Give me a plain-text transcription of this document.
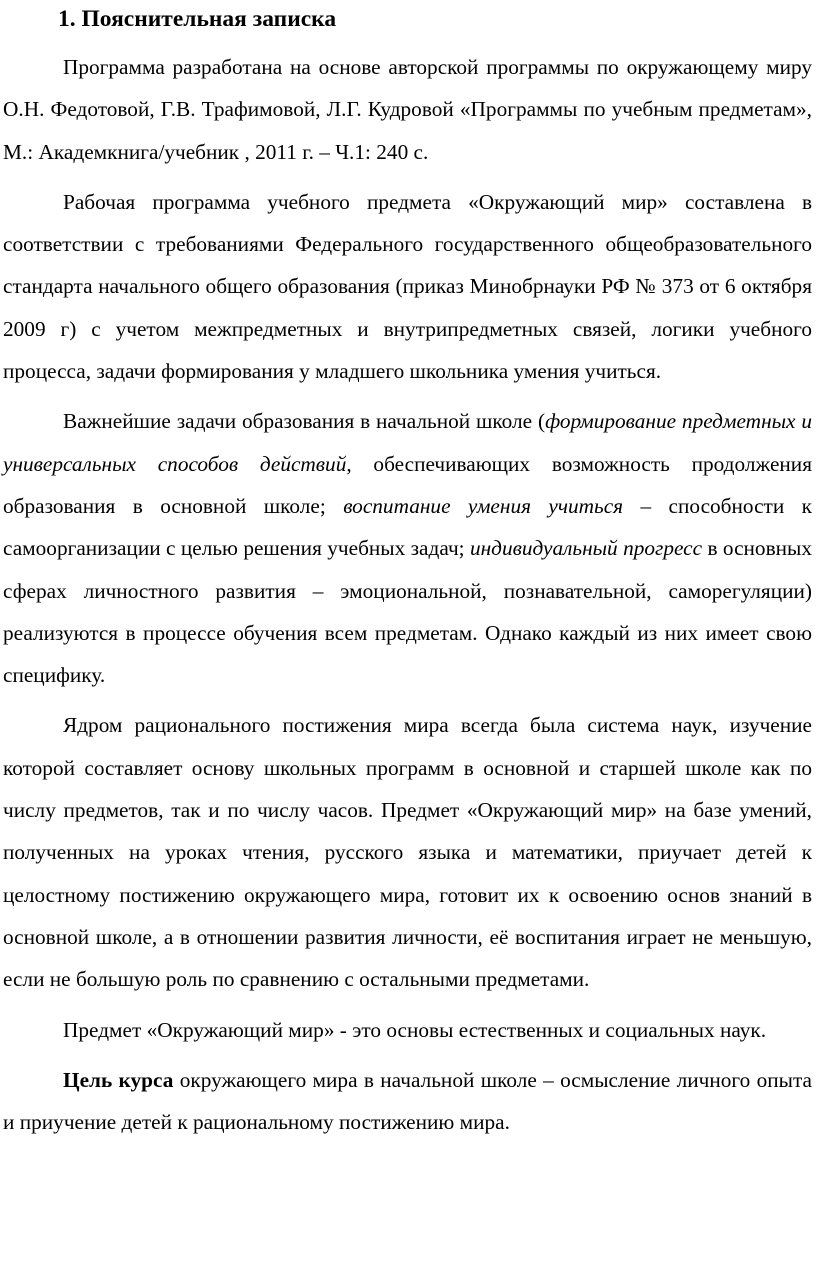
1. Пояснительная записка

Программа разработана на основе авторской программы по окружающему миру О.Н. Федотовой, Г.В. Трафимовой, Л.Г. Кудровой «Программы по учебным предметам», М.: Академкнига/учебник , 2011 г. – Ч.1: 240 с.

Рабочая программа учебного предмета «Окружающий мир» составлена в соответствии с требованиями Федерального государственного общеобразовательного стандарта начального общего образования (приказ Минобрнауки РФ № 373 от 6 октября 2009 г) с учетом межпредметных и внутрипредметных связей, логики учебного процесса, задачи формирования у младшего школьника умения учиться.

Важнейшие задачи образования в начальной школе (формирование предметных и универсальных способов действий, обеспечивающих возможность продолжения образования в основной школе; воспитание умения учиться – способности к самоорганизации с целью решения учебных задач; индивидуальный прогресс в основных сферах личностного развития – эмоциональной, познавательной, саморегуляции) реализуются в процессе обучения всем предметам. Однако каждый из них имеет свою специфику.

Ядром рационального постижения мира всегда была система наук, изучение которой составляет основу школьных программ в основной и старшей школе как по числу предметов, так и по числу часов. Предмет «Окружающий мир» на базе умений, полученных на уроках чтения, русского языка и математики, приучает детей к целостному постижению окружающего мира, готовит их к освоению основ знаний в основной школе, а в отношении развития личности, её воспитания играет не меньшую, если не большую роль по сравнению с остальными предметами.

Предмет «Окружающий мир» - это основы естественных и социальных наук.

Цель курса окружающего мира в начальной школе – осмысление личного опыта и приучение детей к рациональному постижению мира.
